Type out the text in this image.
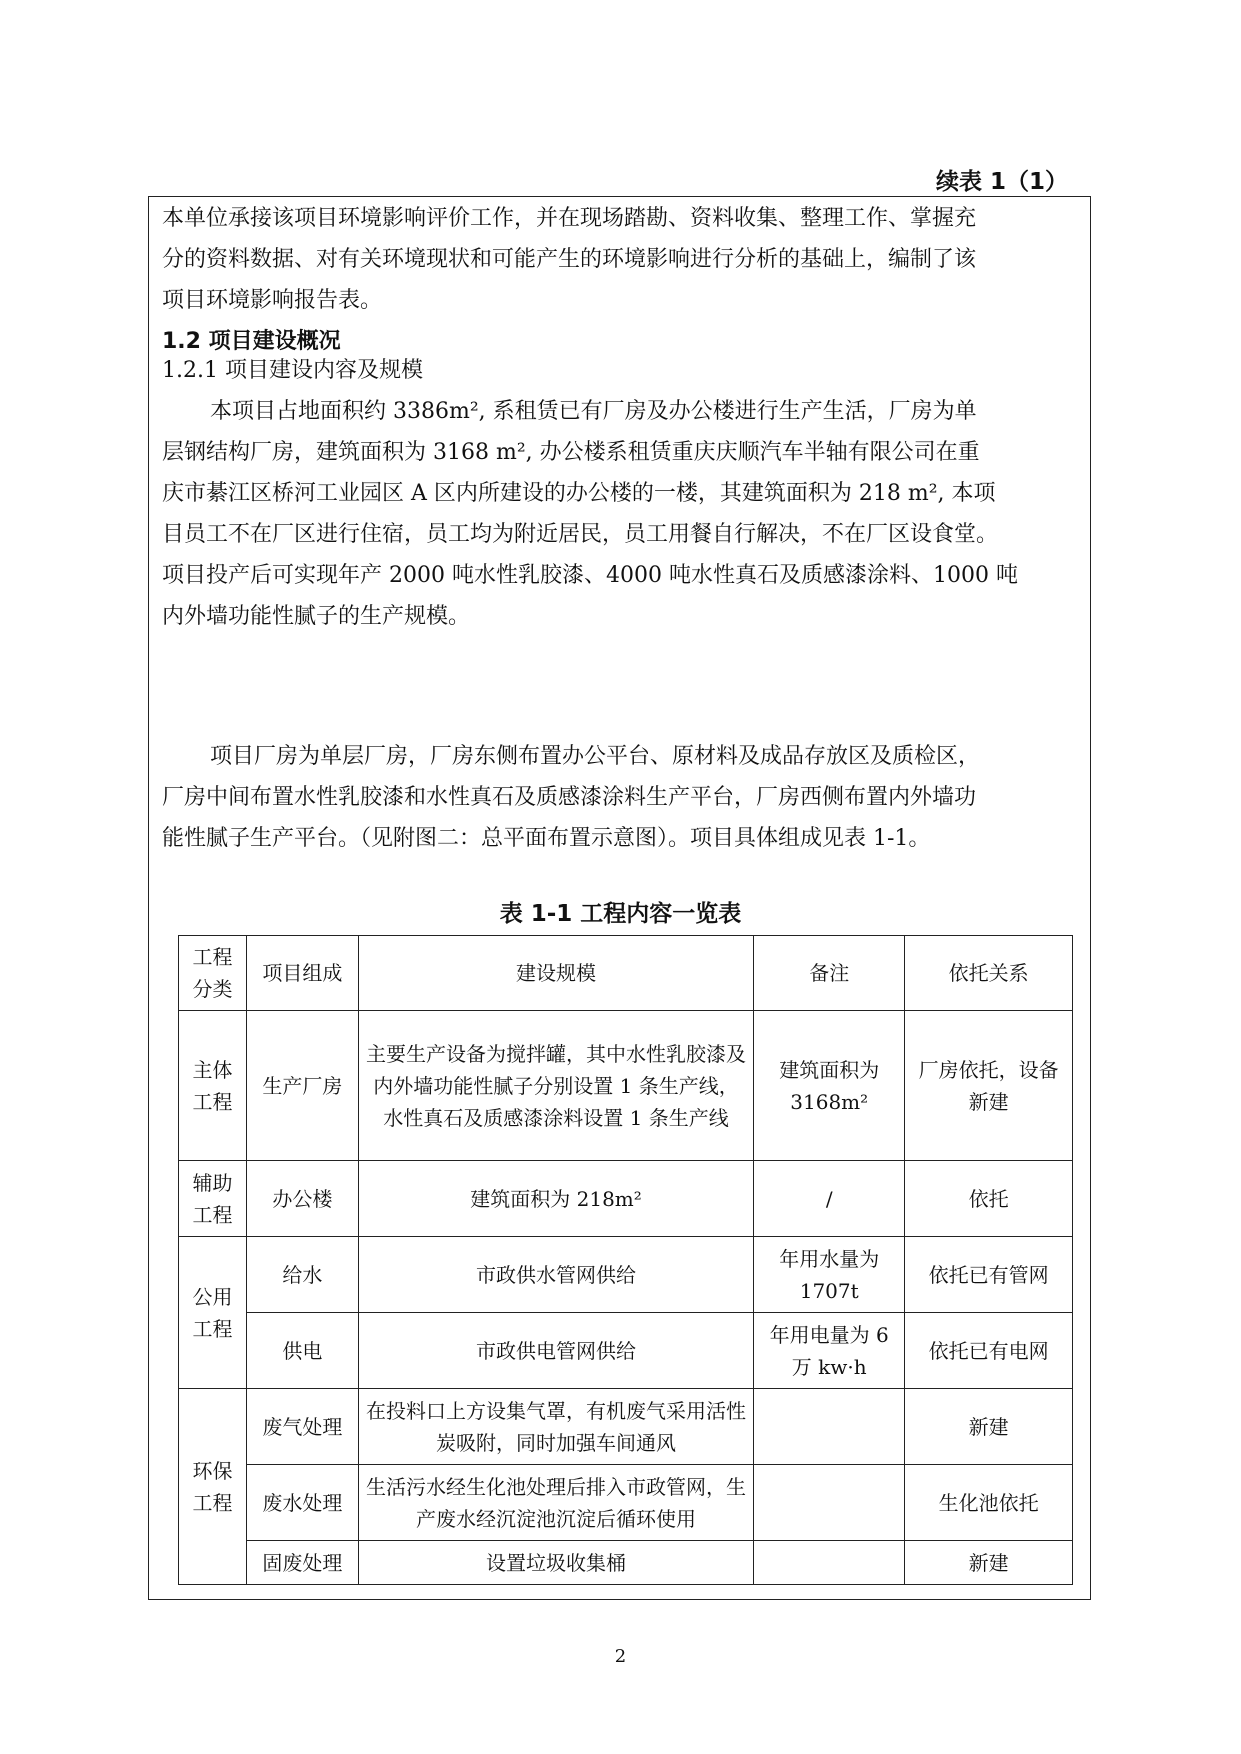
续表 1（1）
本单位承接该项目环境影响评价工作，并在现场踏勘、资料收集、整理工作、掌握充
分的资料数据、对有关环境现状和可能产生的环境影响进行分析的基础上，编制了该
项目环境影响报告表。
1.2 项目建设概况
1.2.1 项目建设内容及规模
本项目占地面积约 3386m², 系租赁已有厂房及办公楼进行生产生活，厂房为单
层钢结构厂房，建筑面积为 3168 m², 办公楼系租赁重庆庆顺汽车半轴有限公司在重
庆市綦江区桥河工业园区 A 区内所建设的办公楼的一楼，其建筑面积为 218 m², 本项
目员工不在厂区进行住宿，员工均为附近居民，员工用餐自行解决，不在厂区设食堂。
项目投产后可实现年产 2000 吨水性乳胶漆、4000 吨水性真石及质感漆涂料、1000 吨
内外墙功能性腻子的生产规模。
项目厂房为单层厂房，厂房东侧布置办公平台、原材料及成品存放区及质检区，
厂房中间布置水性乳胶漆和水性真石及质感漆涂料生产平台，厂房西侧布置内外墙功
能性腻子生产平台。（见附图二：总平面布置示意图）。项目具体组成见表 1-1。
表 1-1 工程内容一览表
工程分类	项目组成	建设规模	备注	依托关系
主体工程	生产厂房	主要生产设备为搅拌罐，其中水性乳胶漆及内外墙功能性腻子分别设置 1 条生产线，水性真石及质感漆涂料设置 1 条生产线	建筑面积为 3168m²	厂房依托，设备新建
辅助工程	办公楼	建筑面积为 218m²	/	依托
公用工程	给水	市政供水管网供给	年用水量为 1707t	依托已有管网
	供电	市政供电管网供给	年用电量为 6 万 kw·h	依托已有电网
环保工程	废气处理	在投料口上方设集气罩，有机废气采用活性炭吸附，同时加强车间通风		新建
	废水处理	生活污水经生化池处理后排入市政管网，生产废水经沉淀池沉淀后循环使用		生化池依托
	固废处理	设置垃圾收集桶		新建
2
